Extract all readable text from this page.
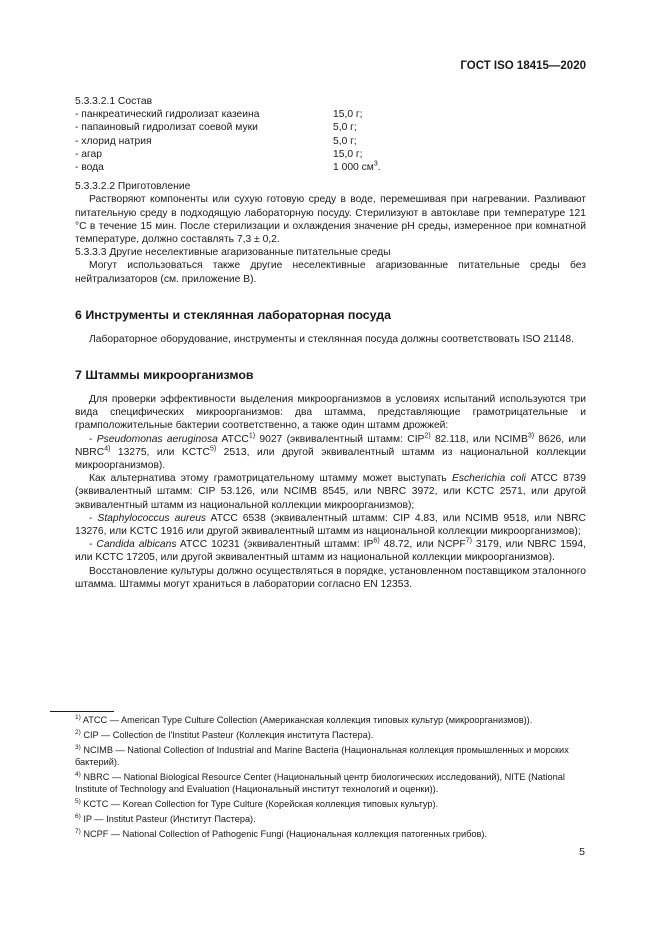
ГОСТ ISO 18415—2020

5.3.3.2.1 Состав

- панкреатический гидролизат казеина	15,0 г;
- папаиновый гидролизат соевой муки	5,0 г;
- хлорид натрия	5,0 г;
- агар	15,0 г;
- вода	1 000 $см^3$.

5.3.3.2.2 Приготовление

Растворяют компоненты или сухую готовую среду в воде, перемешивая при нагревании. Разливают питательную среду в подходящую лабораторную посуду. Стерилизуют в автоклаве при температуре 121 °С в течение 15 мин. После стерилизации и охлаждения значение pH среды, измеренное при комнатной температуре, должно составлять 7,3 ± 0,2.

5.3.3.3 Другие неселективные агаризованные питательные среды

Могут использоваться также другие неселективные агаризованные питательные среды без нейтрализаторов (см. приложение В).

6 Инструменты и стеклянная лабораторная посуда

Лабораторное оборудование, инструменты и стеклянная посуда должны соответствовать ISO 21148.

7 Штаммы микроорганизмов

Для проверки эффективности выделения микроорганизмов в условиях испытаний используются три вида специфических микроорганизмов: два штамма, представляющие грамотрицательные и грамположительные бактерии соответственно, а также один штамм дрожжей:

- Pseudomonas aeruginosa ATCC$^{1)}$ 9027 (эквивалентный штамм: CIP$^{2)}$ 82.118, или NCIMB$^{3)}$ 8626, или NBRC$^{4)}$ 13275, или KCTC$^{5)}$ 2513, или другой эквивалентный штамм из национальной коллекции микроорганизмов).

Как альтернатива этому грамотрицательному штамму может выступать Escherichia coli ATCC 8739 (эквивалентный штамм: CIP 53.126, или NCIMB 8545, или NBRC 3972, или KCTC 2571, или другой эквивалентный штамм из национальной коллекции микроорганизмов);

- Staphylococcus aureus ATCC 6538 (эквивалентный штамм: CIP 4.83, или NCIMB 9518, или NBRC 13276, или KCTC 1916 или другой эквивалентный штамм из национальной коллекции микроорганизмов);

- Candida albicans ATCC 10231 (эквивалентный штамм: IP$^{6)}$ 48.72, или NCPF$^{7)}$ 3179, или NBRC 1594, или KCTC 17205, или другой эквивалентный штамм из национальной коллекции микроорганизмов).

Восстановление культуры должно осуществляться в порядке, установленном поставщиком эталонного штамма. Штаммы могут храниться в лаборатории согласно EN 12353.

$^{1)}$ ATCC — American Type Culture Collection (Американская коллекция типовых культур (микроорганизмов)).

$^{2)}$ CIP — Collection de l'Institut Pasteur (Коллекция института Пастера).

$^{3)}$ NCIMB — National Collection of Industrial and Marine Bacteria (Национальная коллекция промышленных и морских бактерий).

$^{4)}$ NBRC — National Biological Resource Center (Национальный центр биологических исследований), NITE (National Institute of Technology and Evaluation (Национальный институт технологий и оценки)).

$^{5)}$ KCTC — Korean Collection for Type Culture (Корейская коллекция типовых культур).

$^{6)}$ IP — Institut Pasteur (Институт Пастера).

$^{7)}$ NCPF — National Collection of Pathogenic Fungi (Национальная коллекция патогенных грибов).

5
